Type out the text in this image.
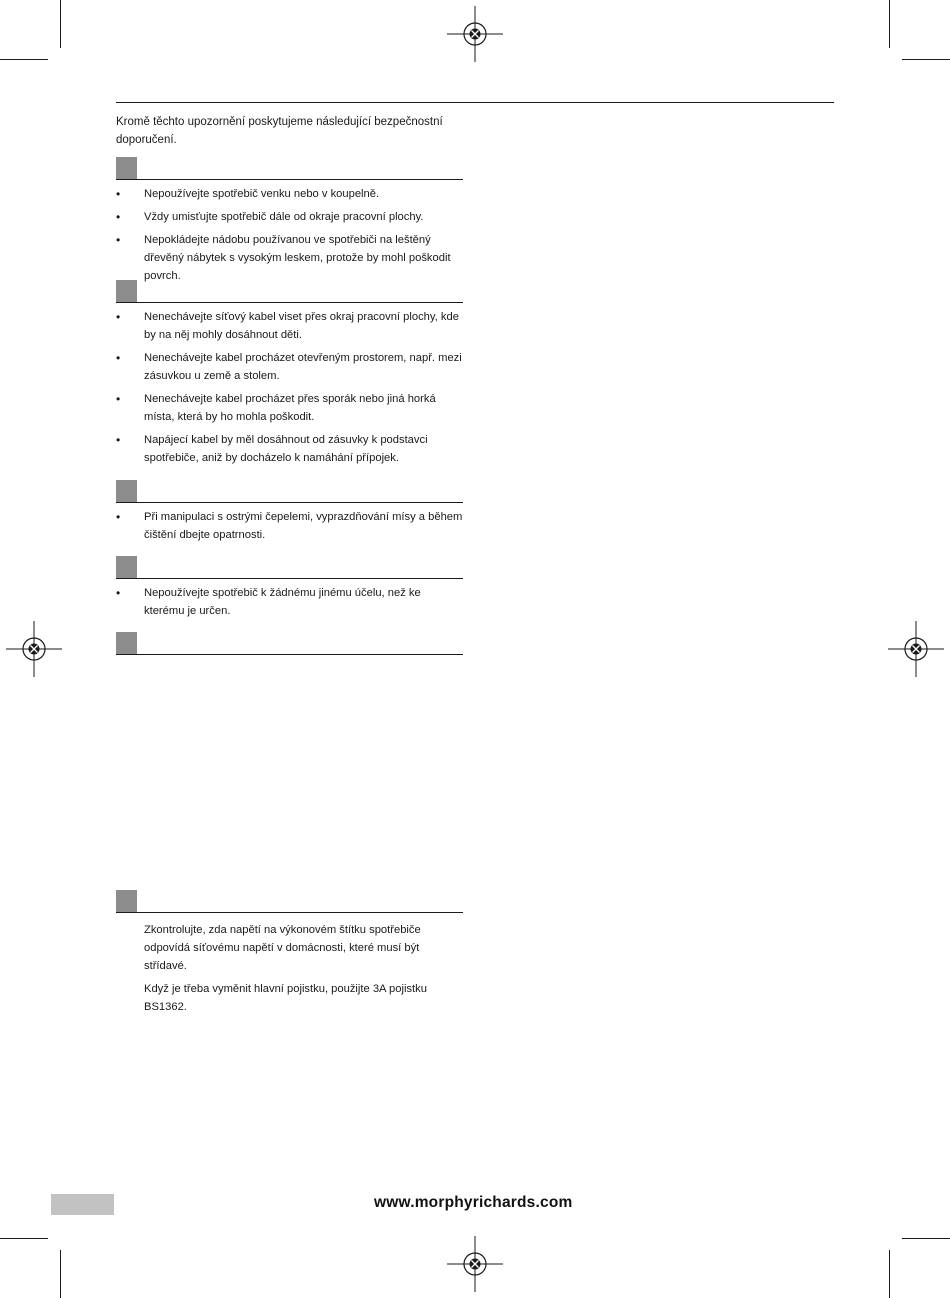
Kromě těchto upozornění poskytujeme následující bezpečnostní doporučení.

• Nepoužívejte spotřebič venku nebo v koupelně.
• Vždy umisťujte spotřebič dále od okraje pracovní plochy.
• Nepokládejte nádobu používanou ve spotřebiči na leštěný dřevěný nábytek s vysokým leskem, protože by mohl poškodit povrch.
• Nenechávejte síťový kabel viset přes okraj pracovní plochy, kde by na něj mohly dosáhnout děti.
• Nenechávejte kabel procházet otevřeným prostorem, např. mezi zásuvkou u země a stolem.
• Nenechávejte kabel procházet přes sporák nebo jiná horká místa, která by ho mohla poškodit.
• Napájecí kabel by měl dosáhnout od zásuvky k podstavci spotřebiče, aniž by docházelo k namáhání přípojek.
• Při manipulaci s ostrými čepelemi, vyprazdňování mísy a během čištění dbejte opatrnosti.
• Nepoužívejte spotřebič k žádnému jinému účelu, než ke kterému je určen.

Zkontrolujte, zda napětí na výkonovém štítku spotřebiče odpovídá síťovému napětí v domácnosti, které musí být střídavé.

Když je třeba vyměnit hlavní pojistku, použijte 3A pojistku BS1362.

www.morphyrichards.com
